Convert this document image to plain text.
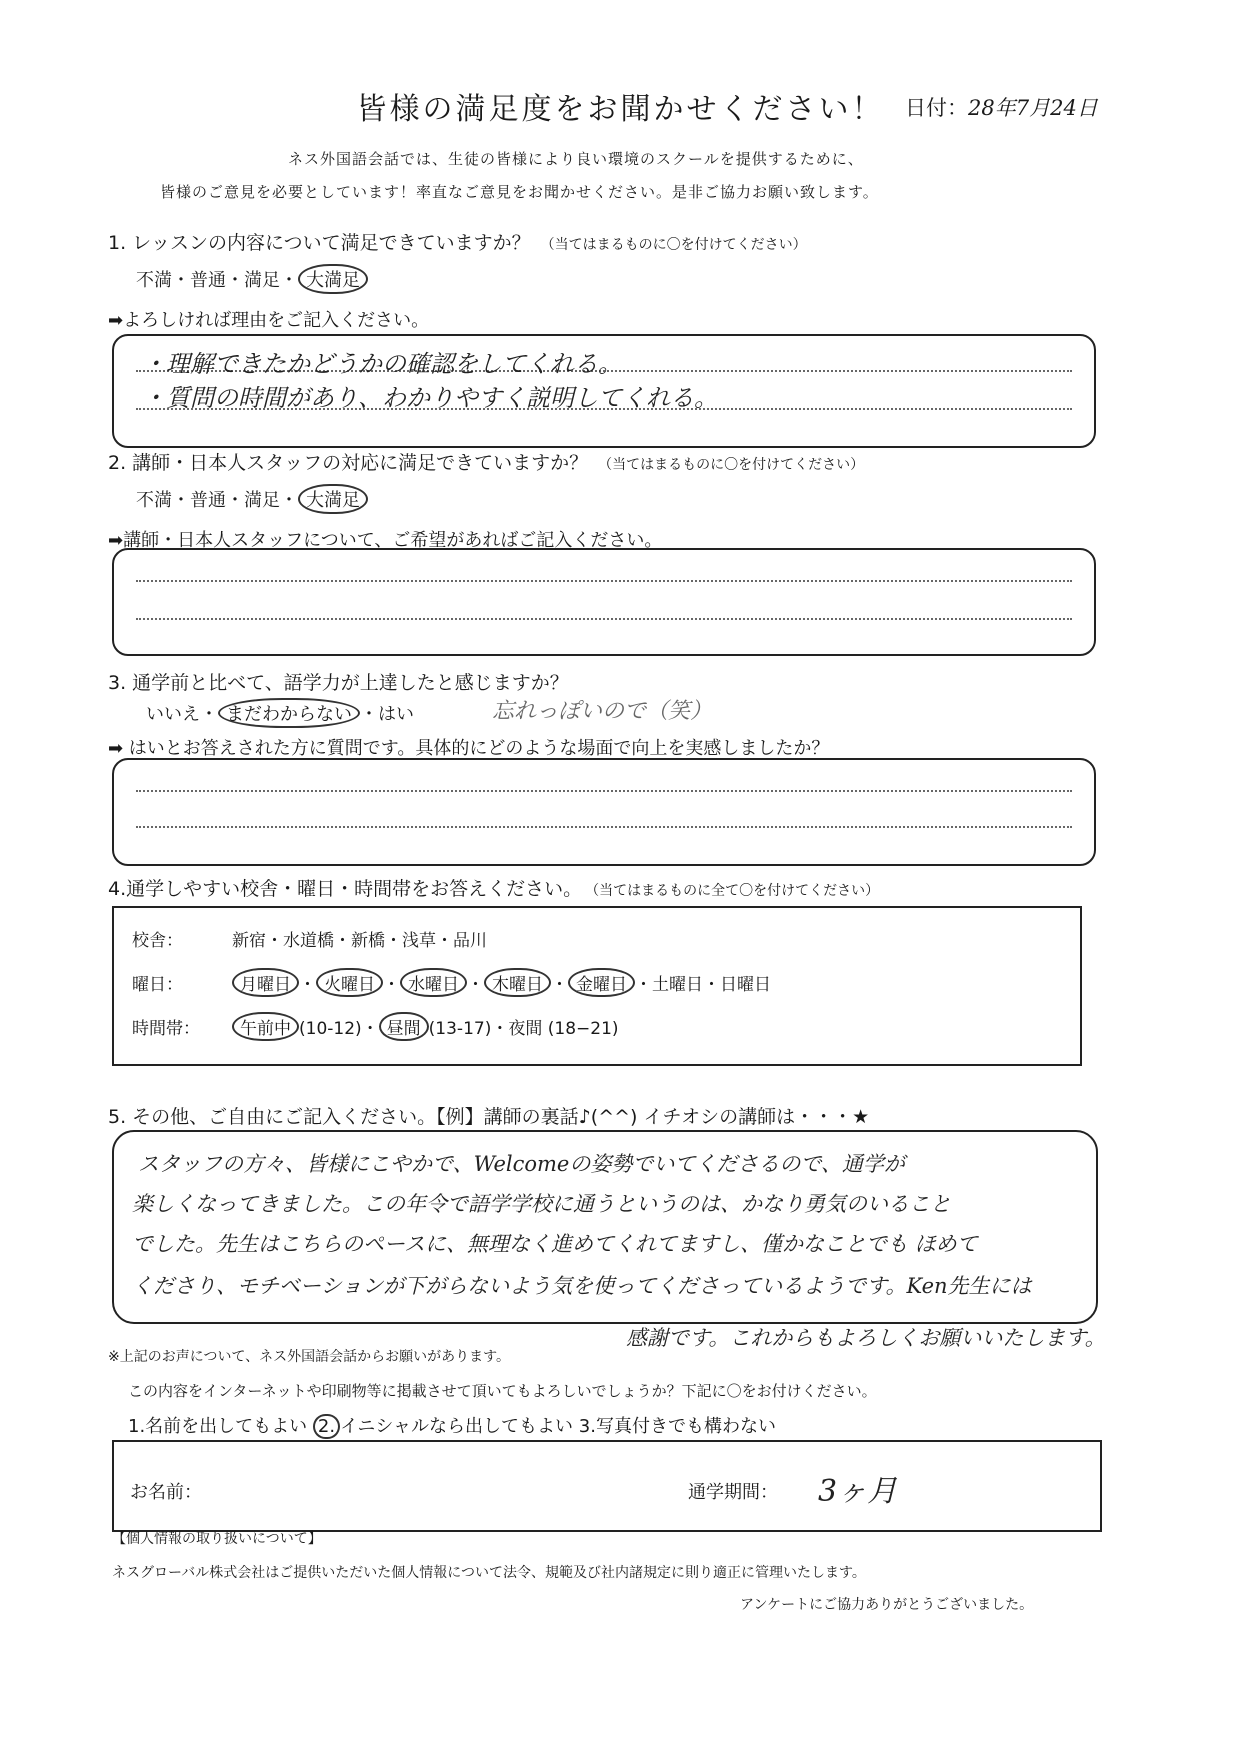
皆様の満足度をお聞かせください！ 日付：28年7月24日
ネス外国語会話では、生徒の皆様により良い環境のスクールを提供するために、
皆様のご意見を必要としています！率直なご意見をお聞かせください。是非ご協力お願い致します。
1. レッスンの内容について満足できていますか？ （当てはまるものに〇を付けてください）
不満・普通・満足・ 大満足
➡よろしければ理由をご記入ください。
・理解できたかどうかの確認をしてくれる。
・質問の時間があり、わかりやすく説明してくれる。
2. 講師・日本人スタッフの対応に満足できていますか？ （当てはまるものに〇を付けてください）
不満・普通・満足・ 大満足
➡講師・日本人スタッフについて、ご希望があればご記入ください。
3. 通学前と比べて、語学力が上達したと感じますか？
いいえ・ まだわからない ・はい	忘れっぽいので（笑）
➡ はいとお答えされた方に質問です。具体的にどのような場面で向上を実感しましたか？
4.通学しやすい校舎・曜日・時間帯をお答えください。 （当てはまるものに全て〇を付けてください）
校舎：	新宿・水道橋・新橋・浅草・品川
曜日：	月曜日 ・ 火曜日 ・ 水曜日 ・ 木曜日 ・ 金曜日 ・土曜日・日曜日
時間帯： 午前中 (10-12)・ 昼間 (13-17)・夜間 (18−21)
5. その他、ご自由にご記入ください。【例】講師の裏話♪(^^) イチオシの講師は・・・★
スタッフの方々、皆様にこやかで、Welcomeの姿勢でいてくださるので、通学が
楽しくなってきました。この年令で語学学校に通うというのは、かなり勇気のいること
でした。先生はこちらのペースに、無理なく進めてくれてますし、僅かなことでも ほめて
くださり、モチベーションが下がらないよう気を使ってくださっているようです。Ken先生には
感謝です。これからもよろしくお願いいたします。
※上記のお声について、ネス外国語会話からお願いがあります。
この内容をインターネットや印刷物等に掲載させて頂いてもよろしいでしょうか？下記に〇をお付けください。
1.名前を出してもよい 2. イニシャルなら出してもよい 3.写真付きでも構わない
お名前：	通学期間： 3ヶ月
【個人情報の取り扱いについて】
ネスグローバル株式会社はご提供いただいた個人情報について法令、規範及び社内諸規定に則り適正に管理いたします。
アンケートにご協力ありがとうございました。
